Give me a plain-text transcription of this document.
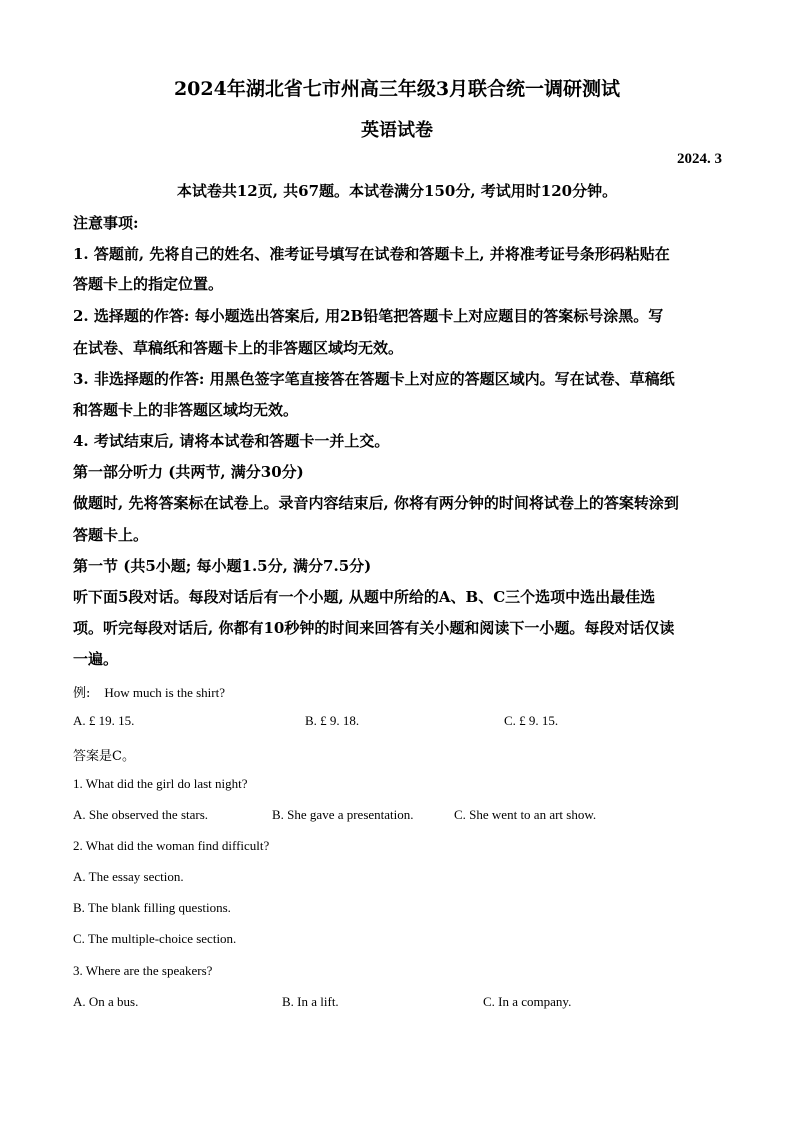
2024年湖北省七市州高三年级3月联合统一调研测试
英语试卷
2024. 3
本试卷共12页, 共67题。本试卷满分150分, 考试用时120分钟。
注意事项:
1. 答题前, 先将自己的姓名、准考证号填写在试卷和答题卡上, 并将准考证号条形码粘贴在
答题卡上的指定位置。
2. 选择题的作答: 每小题选出答案后, 用2B铅笔把答题卡上对应题目的答案标号涂黑。写
在试卷、草稿纸和答题卡上的非答题区域均无效。
3. 非选择题的作答: 用黑色签字笔直接答在答题卡上对应的答题区域内。写在试卷、草稿纸
和答题卡上的非答题区域均无效。
4. 考试结束后, 请将本试卷和答题卡一并上交。
第一部分听力 (共两节, 满分30分)
做题时, 先将答案标在试卷上。录音内容结束后, 你将有两分钟的时间将试卷上的答案转涂到
答题卡上。
第一节 (共5小题; 每小题1.5分, 满分7.5分)
听下面5段对话。每段对话后有一个小题, 从题中所给的A、B、C三个选项中选出最佳选
项。听完每段对话后, 你都有10秒钟的时间来回答有关小题和阅读下一小题。每段对话仅读
一遍。
例: How much is the shirt?
A. £ 19. 15.	B. £ 9. 18.	C. £ 9. 15.
答案是C。
1. What did the girl do last night?
A. She observed the stars.	B. She gave a presentation.	C. She went to an art show.
2. What did the woman find difficult?
A. The essay section.
B. The blank filling questions.
C. The multiple-choice section.
3. Where are the speakers?
A. On a bus.	B. In a lift.	C. In a company.
